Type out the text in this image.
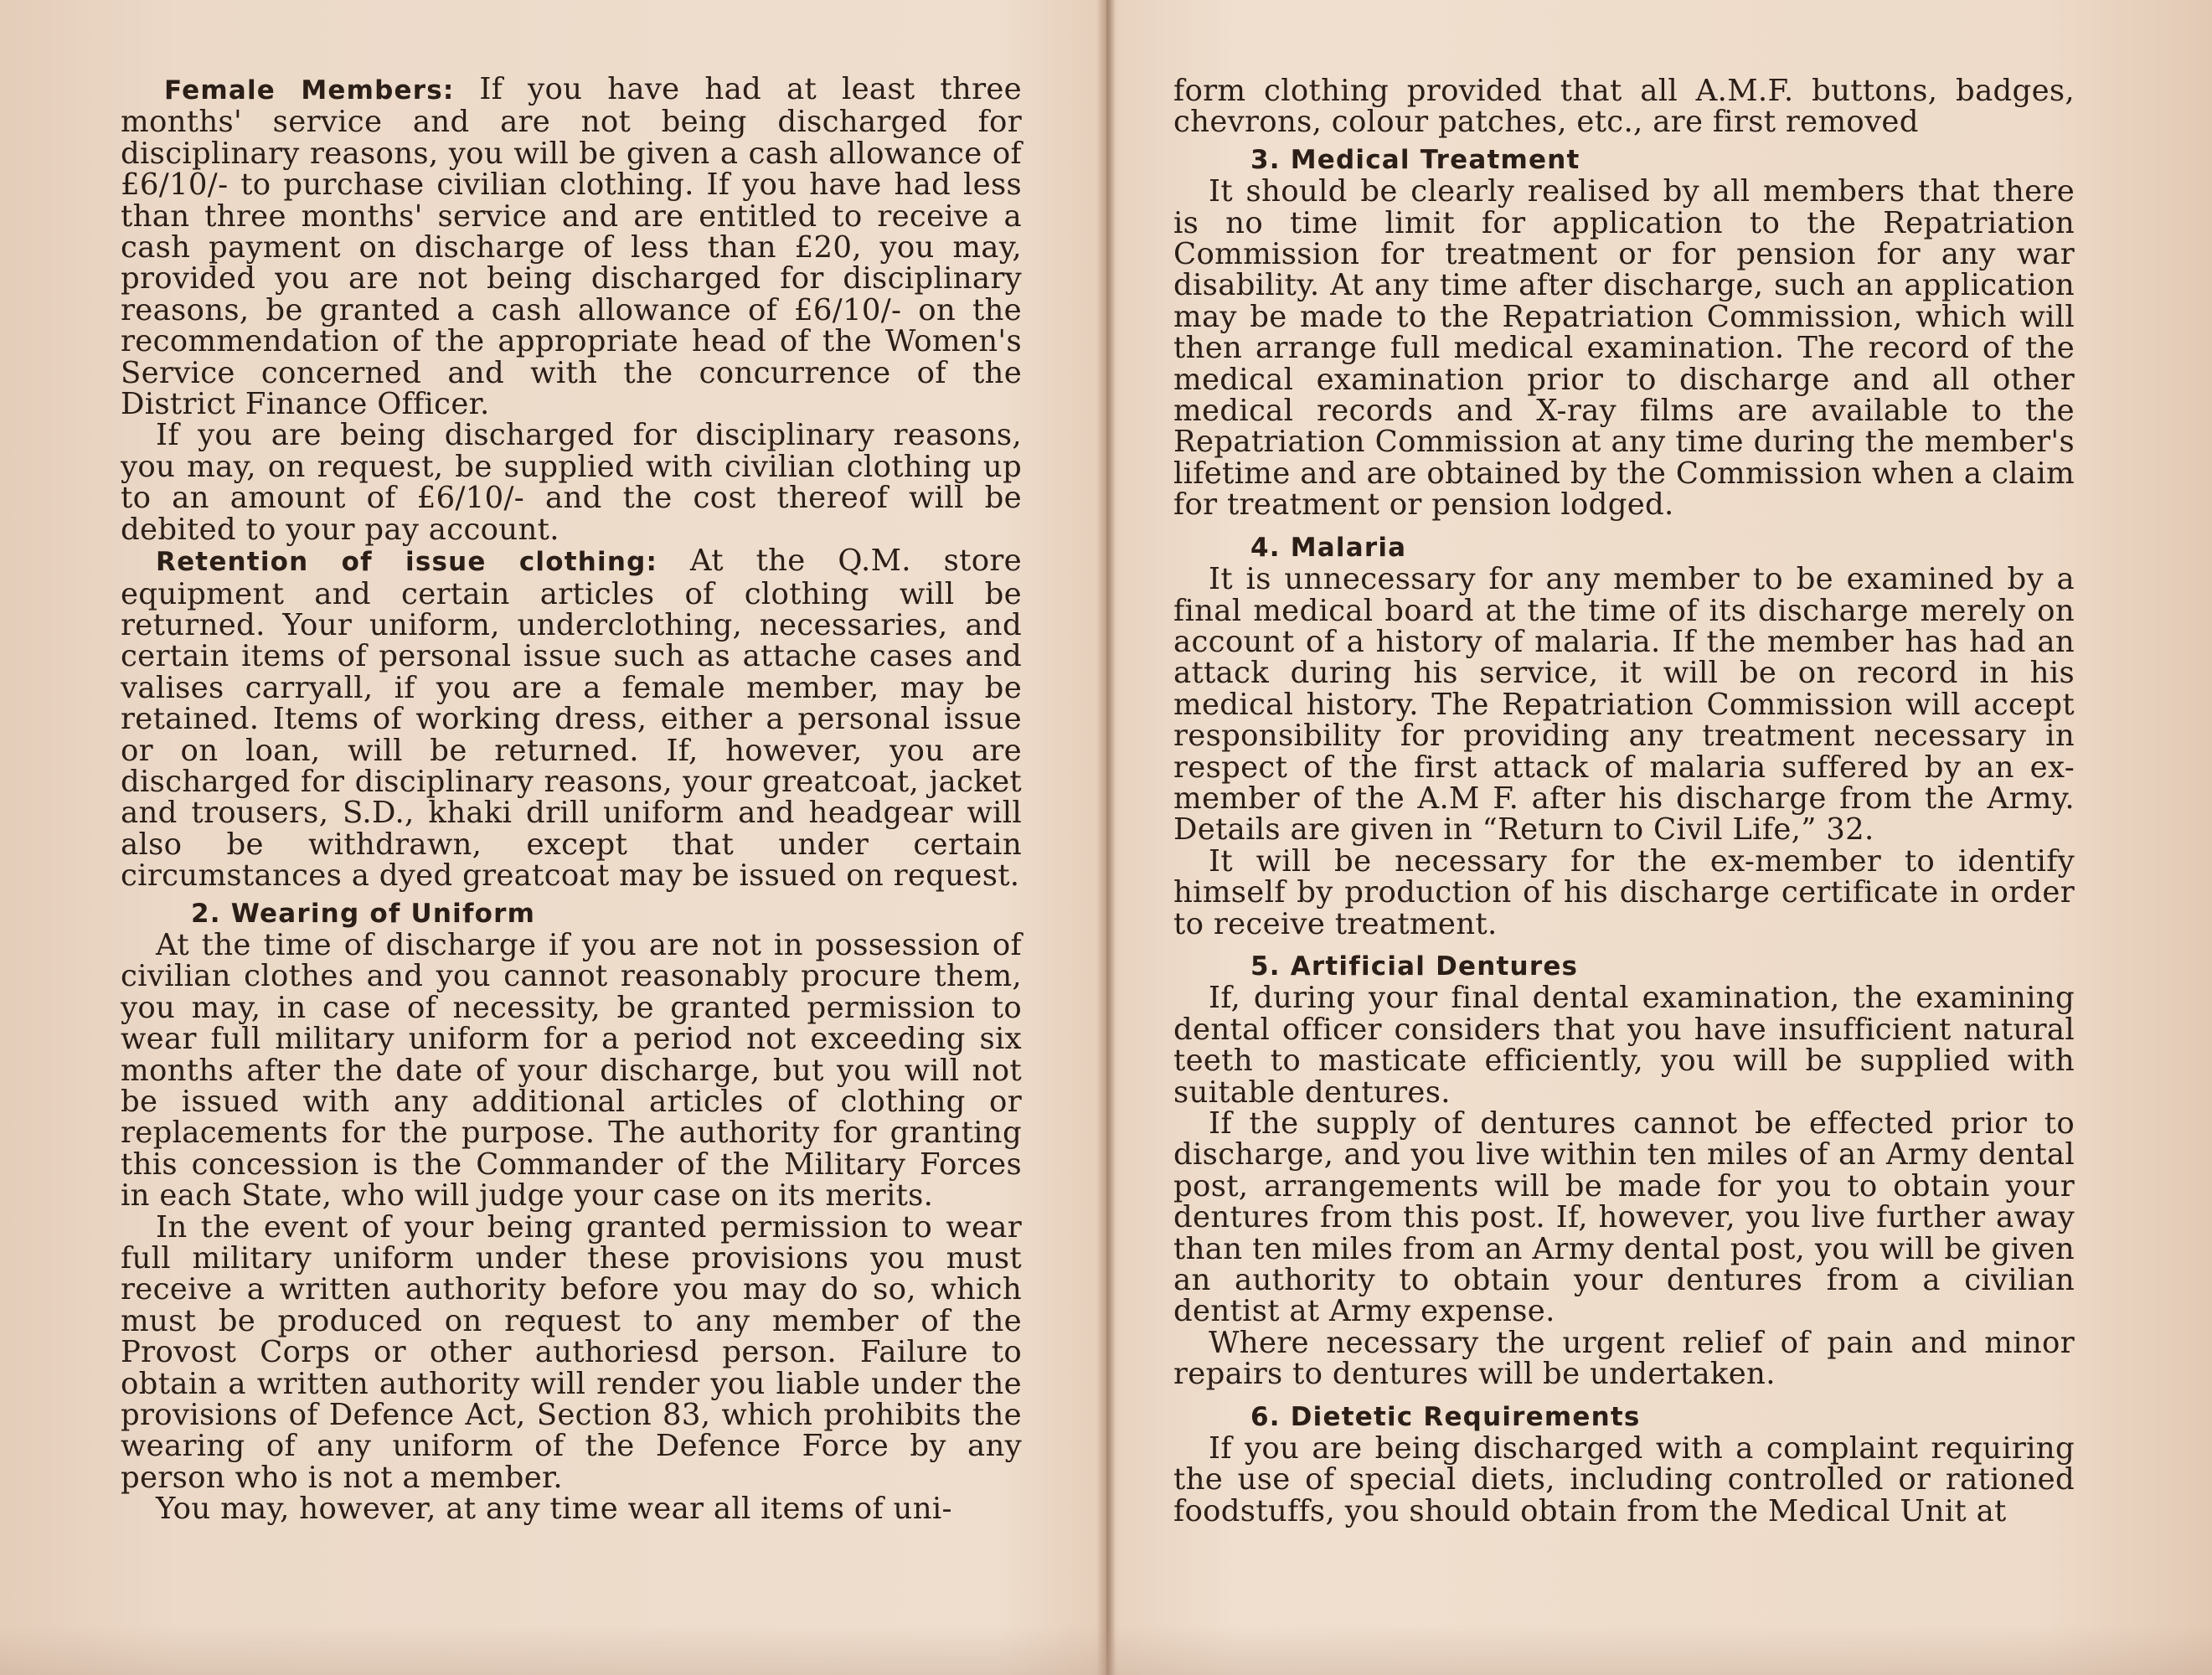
Female Members: If you have had at least three months' service and are not being discharged for disciplinary reasons, you will be given a cash allowance of £6/10/- to purchase civilian clothing. If you have had less than three months' service and are entitled to receive a cash payment on discharge of less than £20, you may, provided you are not being discharged for disciplinary reasons, be granted a cash allowance of £6/10/- on the recommendation of the appropriate head of the Women's Service concerned and with the concurrence of the District Finance Officer.

If you are being discharged for disciplinary reasons, you may, on request, be supplied with civilian clothing up to an amount of £6/10/- and the cost thereof will be debited to your pay account.

Retention of issue clothing: At the Q.M. store equipment and certain articles of clothing will be returned. Your uniform, underclothing, necessaries, and certain items of personal issue such as attache cases and valises carryall, if you are a female member, may be retained. Items of working dress, either a personal issue or on loan, will be returned. If, however, you are discharged for disciplinary reasons, your greatcoat, jacket and trousers, S.D., khaki drill uniform and headgear will also be withdrawn, except that under certain circumstances a dyed greatcoat may be issued on request.

2. Wearing of Uniform

At the time of discharge if you are not in possession of civilian clothes and you cannot reasonably procure them, you may, in case of necessity, be granted permission to wear full military uniform for a period not exceeding six months after the date of your discharge, but you will not be issued with any additional articles of clothing or replacements for the purpose. The authority for granting this concession is the Commander of the Military Forces in each State, who will judge your case on its merits.

In the event of your being granted permission to wear full military uniform under these provisions you must receive a written authority before you may do so, which must be produced on request to any member of the Provost Corps or other authoriesd person. Failure to obtain a written authority will render you liable under the provisions of Defence Act, Section 83, which prohibits the wearing of any uniform of the Defence Force by any person who is not a member.

You may, however, at any time wear all items of uni-

form clothing provided that all A.M.F. buttons, badges, chevrons, colour patches, etc., are first removed

3. Medical Treatment

It should be clearly realised by all members that there is no time limit for application to the Repatriation Commission for treatment or for pension for any war disability. At any time after discharge, such an application may be made to the Repatriation Commission, which will then arrange full medical examination. The record of the medical examination prior to discharge and all other medical records and X-ray films are available to the Repatriation Commission at any time during the member's lifetime and are obtained by the Commission when a claim for treatment or pension lodged.

4. Malaria

It is unnecessary for any member to be examined by a final medical board at the time of its discharge merely on account of a history of malaria. If the member has had an attack during his service, it will be on record in his medical history. The Repatriation Commission will accept responsibility for providing any treatment necessary in respect of the first attack of malaria suffered by an ex-member of the A.M F. after his discharge from the Army. Details are given in “Return to Civil Life,” 32.

It will be necessary for the ex-member to identify himself by production of his discharge certificate in order to receive treatment.

5. Artificial Dentures

If, during your final dental examination, the examining dental officer considers that you have insufficient natural teeth to masticate efficiently, you will be supplied with suitable dentures.

If the supply of dentures cannot be effected prior to discharge, and you live within ten miles of an Army dental post, arrangements will be made for you to obtain your dentures from this post. If, however, you live further away than ten miles from an Army dental post, you will be given an authority to obtain your dentures from a civilian dentist at Army expense.

Where necessary the urgent relief of pain and minor repairs to dentures will be undertaken.

6. Dietetic Requirements

If you are being discharged with a complaint requiring the use of special diets, including controlled or rationed foodstuffs, you should obtain from the Medical Unit at
